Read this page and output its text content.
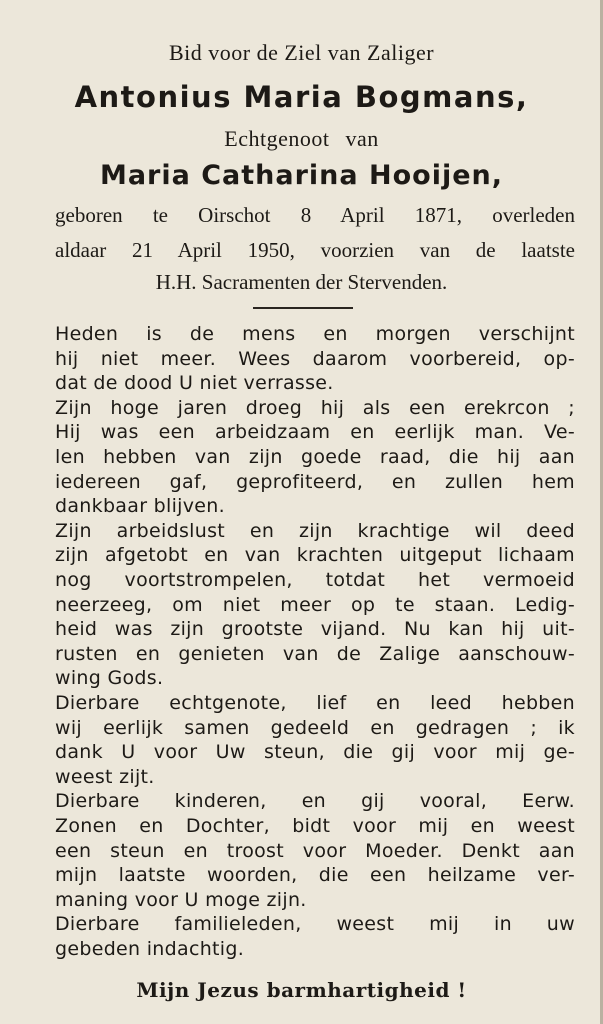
Bid voor de Ziel van Zaliger
Antonius Maria Bogmans,
Echtgenoot van
Maria Catharina Hooijen,
geboren te Oirschot 8 April 1871, overleden
aldaar 21 April 1950, voorzien van de laatste
H.H. Sacramenten der Stervenden.
Heden is de mens en morgen verschijnt
hij niet meer. Wees daarom voorbereid, op-
dat de dood U niet verrasse.
Zijn hoge jaren droeg hij als een erekrcon ;
Hij was een arbeidzaam en eerlijk man. Ve-
len hebben van zijn goede raad, die hij aan
iedereen gaf, geprofiteerd, en zullen hem
dankbaar blijven.
Zijn arbeidslust en zijn krachtige wil deed
zijn afgetobt en van krachten uitgeput lichaam
nog voortstrompelen, totdat het vermoeid
neerzeeg, om niet meer op te staan. Ledig-
heid was zijn grootste vijand. Nu kan hij uit-
rusten en genieten van de Zalige aanschouw-
wing Gods.
Dierbare echtgenote, lief en leed hebben
wij eerlijk samen gedeeld en gedragen ; ik
dank U voor Uw steun, die gij voor mij ge-
weest zijt.
Dierbare kinderen, en gij vooral, Eerw.
Zonen en Dochter, bidt voor mij en weest
een steun en troost voor Moeder. Denkt aan
mijn laatste woorden, die een heilzame ver-
maning voor U moge zijn.
Dierbare familieleden, weest mij in uw
gebeden indachtig.
Mijn Jezus barmhartigheid !
